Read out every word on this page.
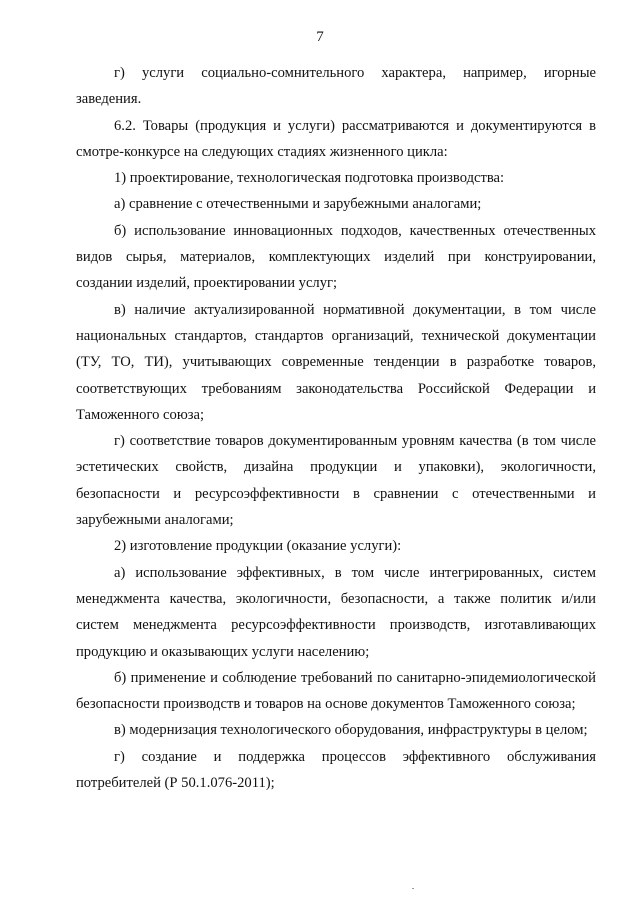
7

г) услуги социально-сомнительного характера, например, игорные заведения.

6.2. Товары (продукция и услуги) рассматриваются и документируются в смотре-конкурсе на следующих стадиях жизненного цикла:

1) проектирование, технологическая подготовка производства:

а) сравнение с отечественными и зарубежными аналогами;

б) использование инновационных подходов, качественных отечественных видов сырья, материалов, комплектующих изделий при конструировании, создании изделий, проектировании услуг;

в) наличие актуализированной нормативной документации, в том числе национальных стандартов, стандартов организаций, технической документации (ТУ, ТО, ТИ), учитывающих современные тенденции в разработке товаров, соответствующих требованиям законодательства Российской Федерации и Таможенного союза;

г) соответствие товаров документированным уровням качества (в том числе эстетических свойств, дизайна продукции и упаковки), экологичности, безопасности и ресурсоэффективности в сравнении с отечественными и зарубежными аналогами;

2) изготовление продукции (оказание услуги):

а) использование эффективных, в том числе интегрированных, систем менеджмента качества, экологичности, безопасности, а также политик и/или систем менеджмента ресурсоэффективности производств, изготавливающих продукцию и оказывающих услуги населению;

б) применение и соблюдение требований по санитарно-эпидемиологической безопасности производств и товаров на основе документов Таможенного союза;

в) модернизация технологического оборудования, инфраструктуры в целом;

г) создание и поддержка процессов эффективного обслуживания потребителей (Р 50.1.076-2011);
